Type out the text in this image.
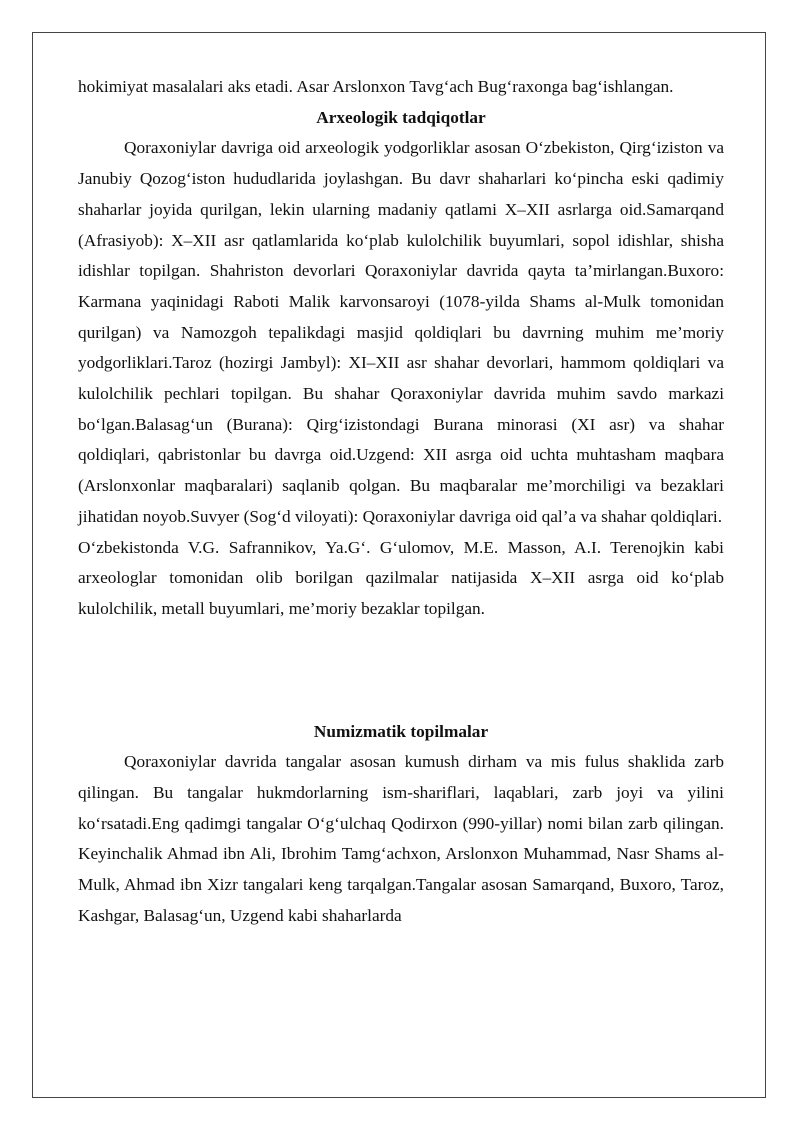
hokimiyat masalalari aks etadi. Asar Arslonxon Tavg‘ach Bug‘raxonga bag‘ishlangan.

Arxeologik tadqiqotlar

Qoraxoniylar davriga oid arxeologik yodgorliklar asosan O‘zbekiston, Qirg‘iziston va Janubiy Qozog‘iston hududlarida joylashgan. Bu davr shaharlari ko‘pincha eski qadimiy shaharlar joyida qurilgan, lekin ularning madaniy qatlami X–XII asrlarga oid.Samarqand (Afrasiyob): X–XII asr qatlamlarida ko‘plab kulolchilik buyumlari, sopol idishlar, shisha idishlar topilgan. Shahriston devorlari Qoraxoniylar davrida qayta ta’mirlangan.Buxoro: Karmana yaqinidagi Raboti Malik karvonsaroyi (1078-yilda Shams al-Mulk tomonidan qurilgan) va Namozgoh tepalikdagi masjid qoldiqlari bu davrning muhim me’moriy yodgorliklari.Taroz (hozirgi Jambyl): XI–XII asr shahar devorlari, hammom qoldiqlari va kulolchilik pechlari topilgan. Bu shahar Qoraxoniylar davrida muhim savdo markazi bo‘lgan.Balasag‘un (Burana): Qirg‘izistondagi Burana minorasi (XI asr) va shahar qoldiqlari, qabristonlar bu davrga oid.Uzgend: XII asrga oid uchta muhtasham maqbara (Arslonxonlar maqbaralari) saqlanib qolgan. Bu maqbaralar me’morchiligi va bezaklari jihatidan noyob.Suvyer (Sog‘d viloyati): Qoraxoniylar davriga oid qal’a va shahar qoldiqlari.

O‘zbekistonda V.G. Safrannikov, Ya.G‘. G‘ulomov, M.E. Masson, A.I. Terenojkin kabi arxeologlar tomonidan olib borilgan qazilmalar natijasida X–XII asrga oid ko‘plab kulolchilik, metall buyumlari, me’moriy bezaklar topilgan.

Numizmatik topilmalar

Qoraxoniylar davrida tangalar asosan kumush dirham va mis fulus shaklida zarb qilingan. Bu tangalar hukmdorlarning ism-shariflari, laqablari, zarb joyi va yilini ko‘rsatadi.Eng qadimgi tangalar O‘g‘ulchaq Qodirxon (990-yillar) nomi bilan zarb qilingan. Keyinchalik Ahmad ibn Ali, Ibrohim Tamg‘achxon, Arslonxon Muhammad, Nasr Shams al-Mulk, Ahmad ibn Xizr tangalari keng tarqalgan.Tangalar asosan Samarqand, Buxoro, Taroz, Kashgar, Balasag‘un, Uzgend kabi shaharlarda
